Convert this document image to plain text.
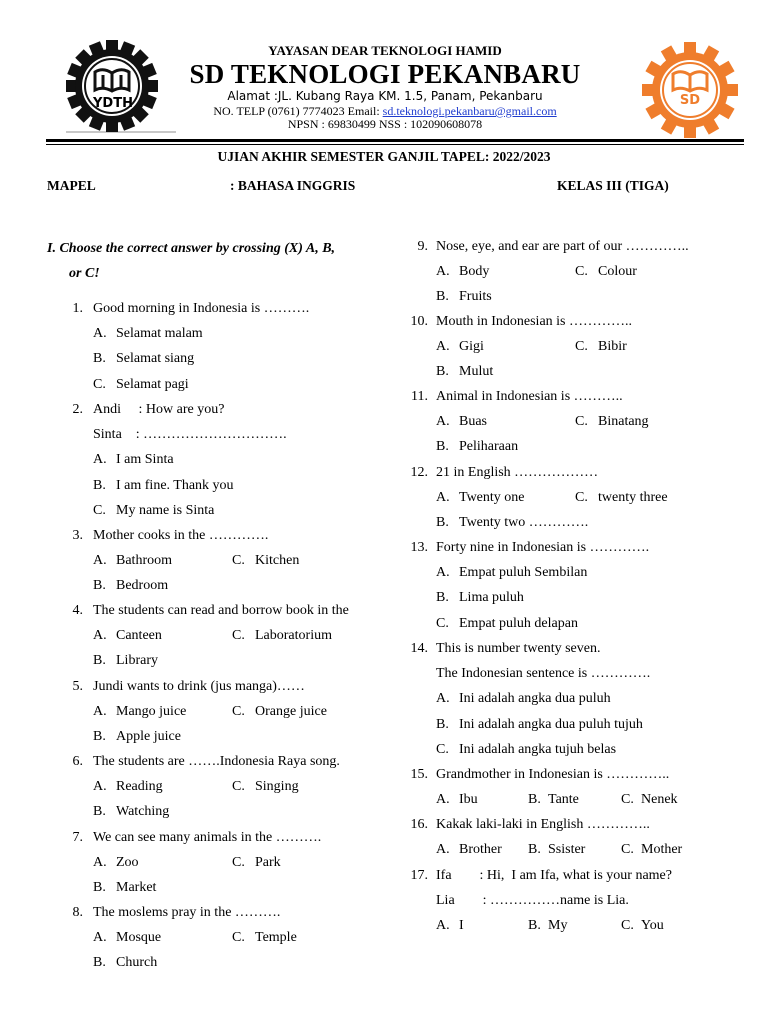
YDTH	SD
YAYASAN DEAR TEKNOLOGI HAMID
SD TEKNOLOGI PEKANBARU
Alamat :JL. Kubang Raya KM. 1.5, Panam, Pekanbaru
NO. TELP (0761) 7774023 Email: sd.teknologi.pekanbaru@gmail.com
NPSN : 69830499 NSS : 102090608078
UJIAN AKHIR SEMESTER GANJIL TAPEL: 2022/2023
MAPEL	: BAHASA INGGRIS	KELAS III (TIGA)
I. Choose the correct answer by crossing (X) A, B,
or C!
1. Good morning in Indonesia is ……….
A. Selamat malam
B. Selamat siang
C. Selamat pagi
2. Andi     : How are you?
Sinta    : ………………………….
A. I am Sinta
B. I am fine. Thank you
C. My name is Sinta
3. Mother cooks in the ………….
A. Bathroom	C. Kitchen
B. Bedroom
4. The students can read and borrow book in the
A. Canteen	C. Laboratorium
B. Library
5. Jundi wants to drink (jus manga)……
A. Mango juice	C. Orange juice
B. Apple juice
6. The students are …….Indonesia Raya song.
A. Reading	C. Singing
B. Watching
7. We can see many animals in the ……….
A. Zoo	C. Park
B. Market
8. The moslems pray in the ……….
A. Mosque	C. Temple
B. Church
9. Nose, eye, and ear are part of our …………..
A. Body	C. Colour
B. Fruits
10. Mouth in Indonesian is …………..
A. Gigi	C. Bibir
B. Mulut
11. Animal in Indonesian is ………..
A. Buas	C. Binatang
B. Peliharaan
12. 21 in English ………………
A. Twenty one	C. twenty three
B. Twenty two ………….
13. Forty nine in Indonesian is ………….
A. Empat puluh Sembilan
B. Lima puluh
C. Empat puluh delapan
14. This is number twenty seven.
The Indonesian sentence is ………….
A. Ini adalah angka dua puluh
B. Ini adalah angka dua puluh tujuh
C. Ini adalah angka tujuh belas
15. Grandmother in Indonesian is …………..
A. Ibu	B. Tante	C. Nenek
16. Kakak laki-laki in English …………..
A. Brother B. Ssister	C. Mother
17. Ifa        : Hi,  I am Ifa, what is your name?
Lia        : ……………name is Lia.
A. I	B. My	C. You
